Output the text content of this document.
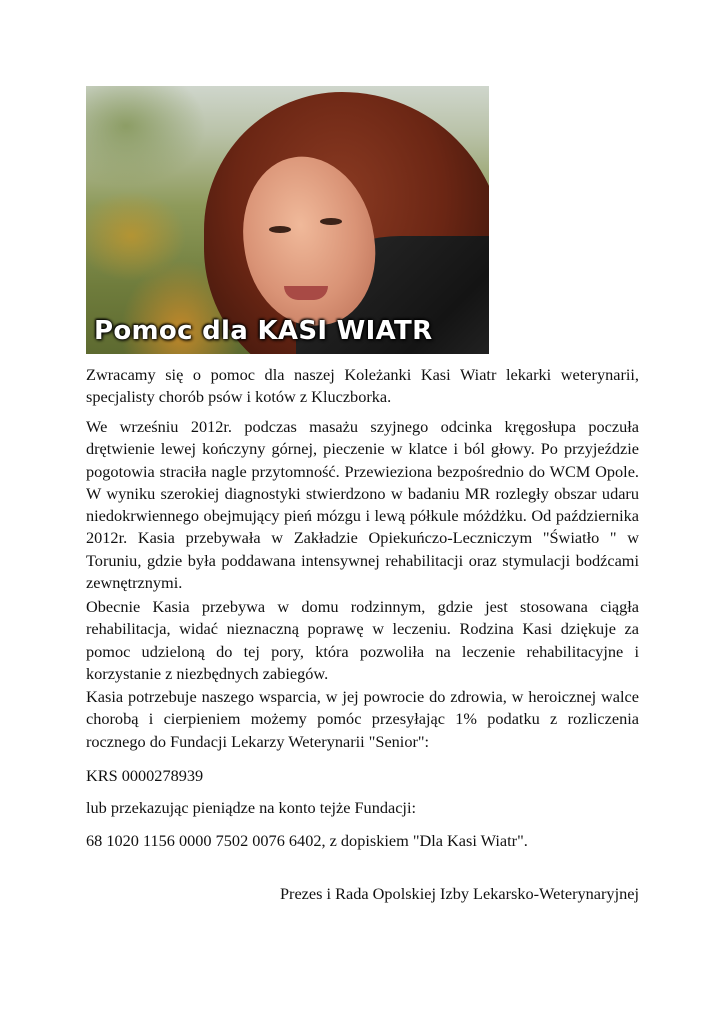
Pomoc dla KASI WIATR

Zwracamy się o pomoc dla naszej Koleżanki Kasi Wiatr lekarki weterynarii, specjalisty chorób psów i kotów z Kluczborka.

We wrześniu 2012r. podczas masażu szyjnego odcinka kręgosłupa poczuła drętwienie lewej kończyny górnej, pieczenie w klatce i ból głowy. Po przyjeździe pogotowia straciła nagle przytomność. Przewieziona bezpośrednio do WCM Opole. W wyniku szerokiej diagnostyki stwierdzono w badaniu MR rozległy obszar udaru niedokrwiennego obejmujący pień mózgu i lewą półkule móżdżku. Od października 2012r. Kasia przebywała w Zakładzie Opiekuńczo-Leczniczym "Światło " w Toruniu, gdzie była poddawana intensywnej rehabilitacji oraz stymulacji bodźcami zewnętrznymi.

Obecnie Kasia przebywa w domu rodzinnym, gdzie jest stosowana ciągła rehabilitacja, widać nieznaczną poprawę w leczeniu. Rodzina Kasi dziękuje za pomoc udzieloną do tej pory, która pozwoliła na leczenie rehabilitacyjne i korzystanie z niezbędnych zabiegów.

Kasia potrzebuje naszego wsparcia, w jej powrocie do zdrowia, w heroicznej walce chorobą i cierpieniem możemy pomóc przesyłając 1% podatku z rozliczenia rocznego do Fundacji Lekarzy Weterynarii "Senior":

KRS 0000278939

lub przekazując pieniądze na konto tejże Fundacji:

68 1020 1156 0000 7502 0076 6402, z dopiskiem "Dla Kasi Wiatr".

Prezes i Rada Opolskiej Izby Lekarsko-Weterynaryjnej
